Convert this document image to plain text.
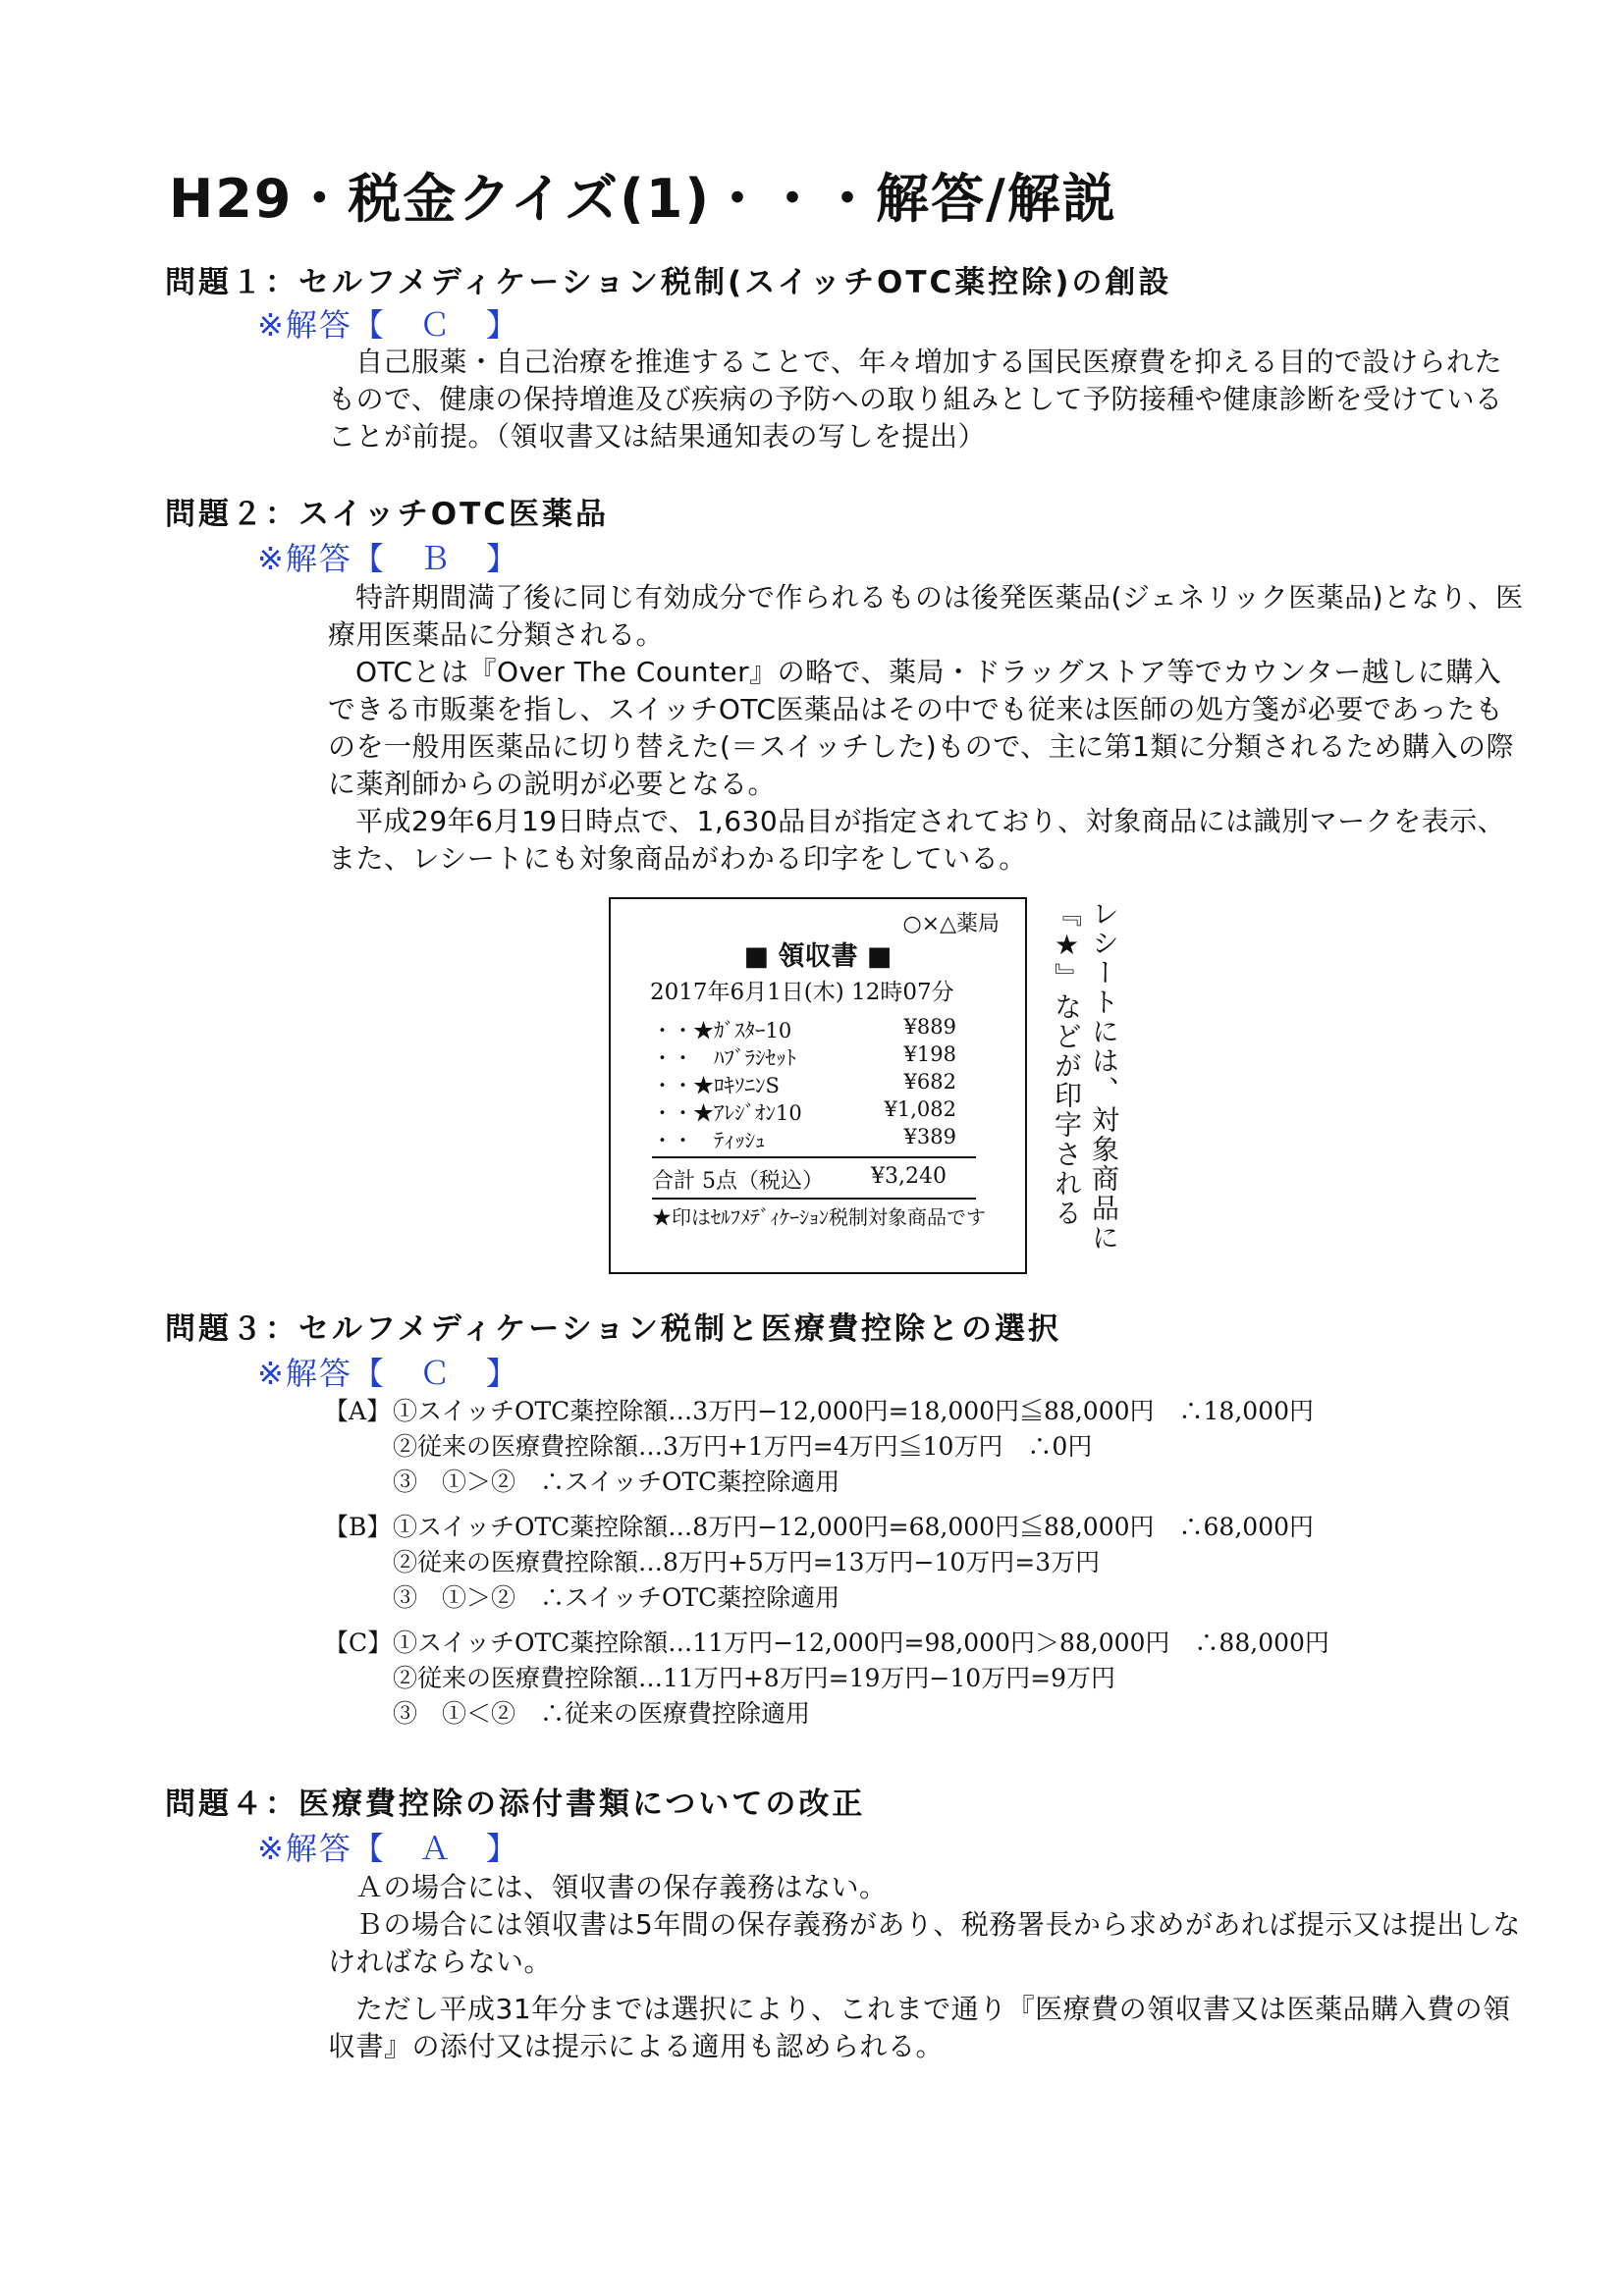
H29・税金クイズ(1)・・・解答/解説
問題１：セルフメディケーション税制(スイッチOTC薬控除)の創設
※解答【　Ｃ　】

自己服薬・自己治療を推進することで、年々増加する国民医療費を抑える目的で設けられたもので、健康の保持増進及び疾病の予防への取り組みとして予防接種や健康診断を受けていることが前提。（領収書又は結果通知表の写しを提出）

問題２：スイッチOTC医薬品
※解答【　Ｂ　】

特許期間満了後に同じ有効成分で作られるものは後発医薬品(ジェネリック医薬品)となり、医療用医薬品に分類される。

OTCとは『Over The Counter』の略で、薬局・ドラッグストア等でカウンター越しに購入できる市販薬を指し、スイッチOTC医薬品はその中でも従来は医師の処方箋が必要であったものを一般用医薬品に切り替えた(＝スイッチした)もので、主に第1類に分類されるため購入の際に薬剤師からの説明が必要となる。

平成29年6月19日時点で、1,630品目が指定されており、対象商品には識別マークを表示、また、レシートにも対象商品がわかる印字をしている。

○×△薬局
■ 領収書 ■
2017年6月1日(木) 12時07分
・・★ｶﾞｽﾀｰ10	¥889
・・　ﾊﾌﾞﾗｼｾｯﾄ	¥198
・・★ﾛｷｿﾆﾝS	¥682
・・★ｱﾚｼﾞｵﾝ10	¥1,082
・・　ﾃｨｯｼｭ	¥389
合計 5点（税込） ¥3,240
★印はｾﾙﾌﾒﾃﾞｨｹｰｼｮﾝ税制対象商品です	レシートには、対象商品に『★』などが印字される
問題３：セルフメディケーション税制と医療費控除との選択
※解答【　Ｃ　】
【A】①スイッチOTC薬控除額…3万円−12,000円=18,000円≦88,000円　∴18,000円
②従来の医療費控除額…3万円+1万円=4万円≦10万円　∴0円
③　①＞②　∴スイッチOTC薬控除適用
【B】①スイッチOTC薬控除額…8万円−12,000円=68,000円≦88,000円　∴68,000円
②従来の医療費控除額…8万円+5万円=13万円−10万円=3万円
③　①＞②　∴スイッチOTC薬控除適用
【C】①スイッチOTC薬控除額…11万円−12,000円=98,000円＞88,000円　∴88,000円
②従来の医療費控除額…11万円+8万円=19万円−10万円=9万円
③　①＜②　∴従来の医療費控除適用
問題４：医療費控除の添付書類についての改正
※解答【　Ａ　】

Ａの場合には、領収書の保存義務はない。

Ｂの場合には領収書は5年間の保存義務があり、税務署長から求めがあれば提示又は提出しなければならない。

ただし平成31年分までは選択により、これまで通り『医療費の領収書又は医薬品購入費の領収書』の添付又は提示による適用も認められる。
